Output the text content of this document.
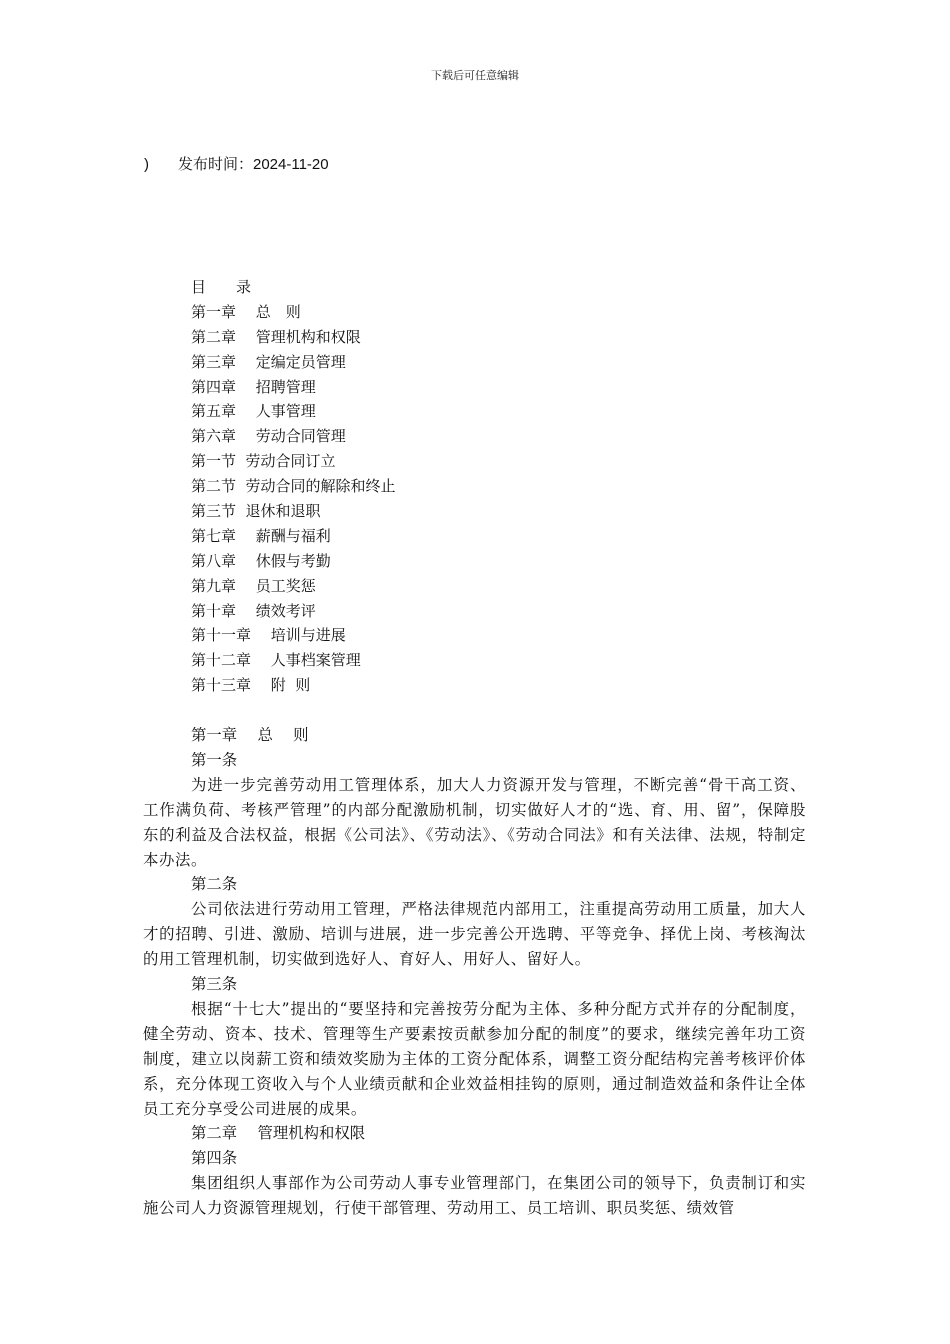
下载后可任意编辑
) 发布时间：2024-11-20
目　　录
第一章　 总　则
第二章　 管理机构和权限
第三章　 定编定员管理
第四章　 招聘管理
第五章　 人事管理
第六章　 劳动合同管理
第一节  劳动合同订立
第二节  劳动合同的解除和终止
第三节  退休和退职
第七章　 薪酬与福利
第八章　 休假与考勤
第九章　 员工奖惩
第十章　 绩效考评
第十一章　 培训与进展
第十二章　 人事档案管理
第十三章　 附  则
第一章　 总　 则
第一条
为进一步完善劳动用工管理体系，加大人力资源开发与管理，不断完善“骨干高工资、工作满负荷、考核严管理”的内部分配激励机制，切实做好人才的“选、育、用、留”，保障股东的利益及合法权益，根据《公司法》、《劳动法》、《劳动合同法》和有关法律、法规，特制定本办法。
第二条
公司依法进行劳动用工管理，严格法律规范内部用工，注重提高劳动用工质量，加大人才的招聘、引进、激励、培训与进展，进一步完善公开选聘、平等竞争、择优上岗、考核淘汰的用工管理机制，切实做到选好人、育好人、用好人、留好人。
第三条
根据“十七大”提出的“要坚持和完善按劳分配为主体、多种分配方式并存的分配制度，健全劳动、资本、技术、管理等生产要素按贡献参加分配的制度”的要求，继续完善年功工资制度，建立以岗薪工资和绩效奖励为主体的工资分配体系，调整工资分配结构完善考核评价体系，充分体现工资收入与个人业绩贡献和企业效益相挂钩的原则，通过制造效益和条件让全体员工充分享受公司进展的成果。
第二章　 管理机构和权限
第四条
集团组织人事部作为公司劳动人事专业管理部门，在集团公司的领导下，负责制订和实施公司人力资源管理规划，行使干部管理、劳动用工、员工培训、职员奖惩、绩效管
